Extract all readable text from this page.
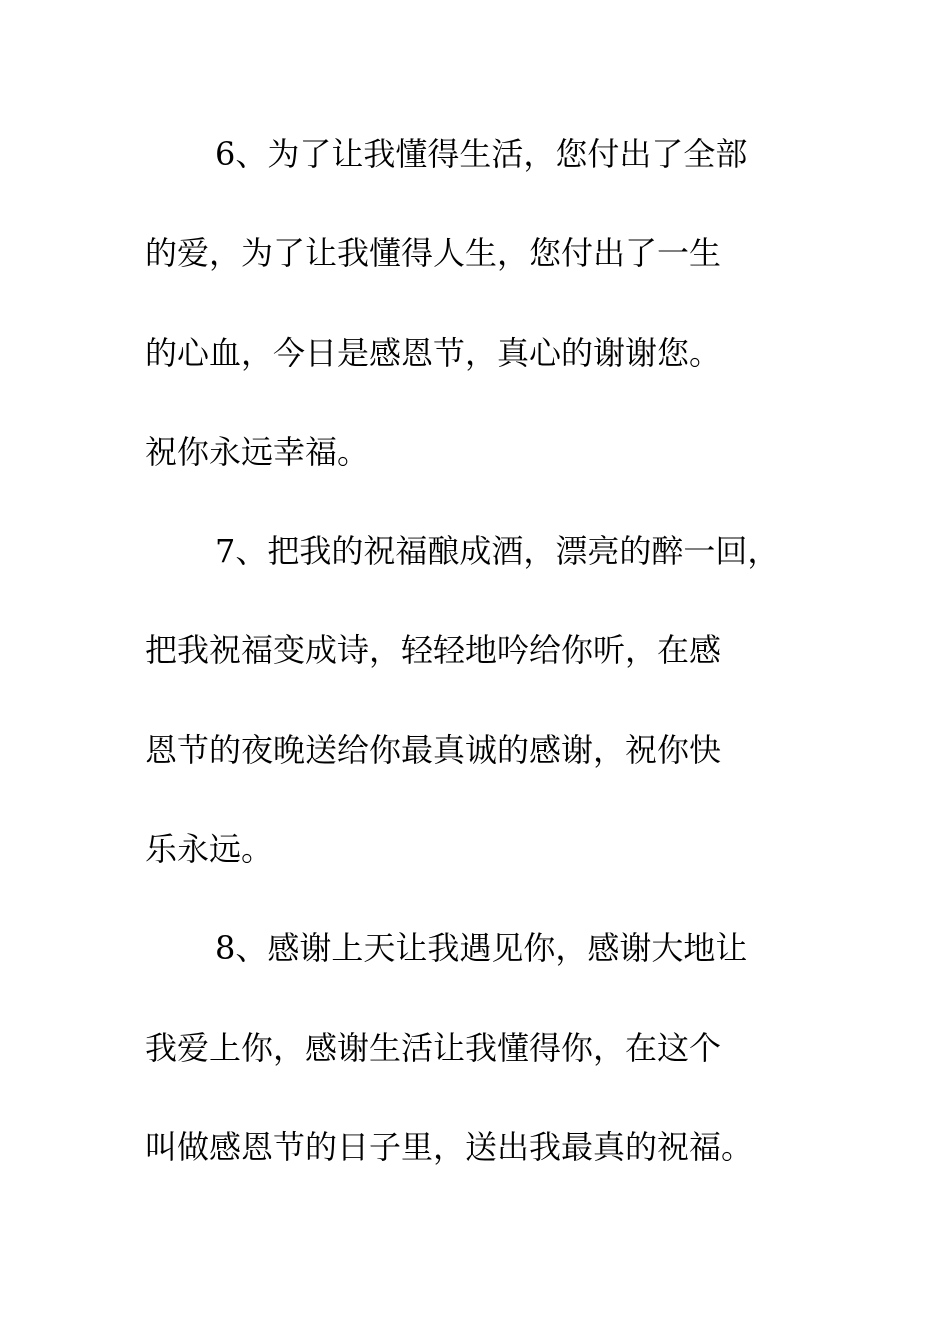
6、为了让我懂得生活，您付出了全部
的爱，为了让我懂得人生，您付出了一生
的心血，今日是感恩节，真心的谢谢您。
祝你永远幸福。
7、把我的祝福酿成酒，漂亮的醉一回，
把我祝福变成诗，轻轻地吟给你听，在感
恩节的夜晚送给你最真诚的感谢，祝你快
乐永远。
8、感谢上天让我遇见你，感谢大地让
我爱上你，感谢生活让我懂得你，在这个
叫做感恩节的日子里，送出我最真的祝福。
